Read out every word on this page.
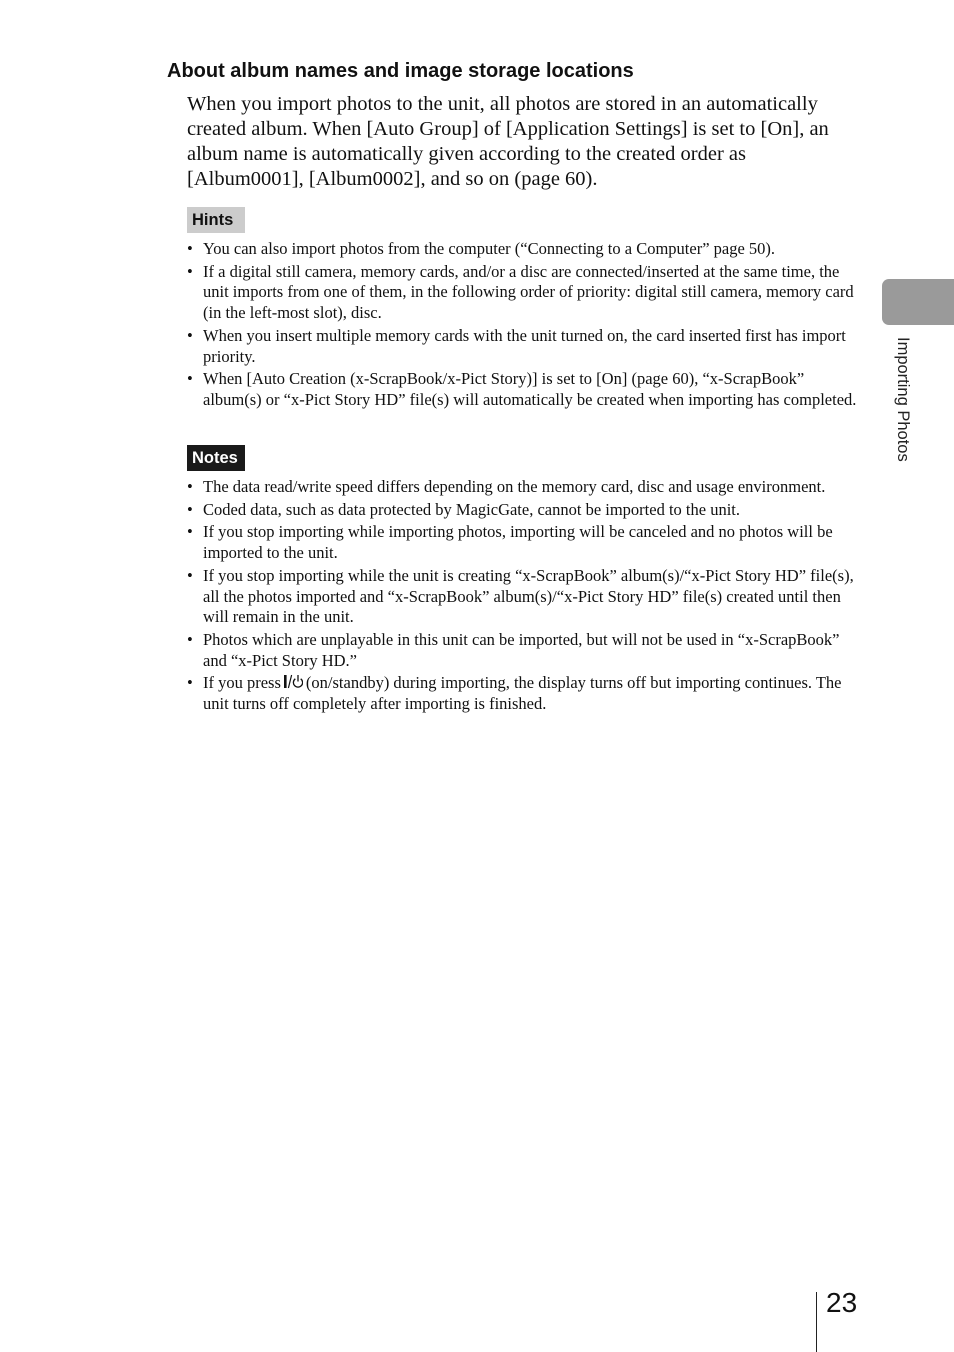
About album names and image storage locations

When you import photos to the unit, all photos are stored in an automatically created album. When [Auto Group] of [Application Settings] is set to [On], an album name is automatically given according to the created order as [Album0001], [Album0002], and so on (page 60).

Hints
• You can also import photos from the computer (“Connecting to a Computer” page 50).
• If a digital still camera, memory cards, and/or a disc are connected/inserted at the same time, the unit imports from one of them, in the following order of priority: digital still camera, memory card (in the left-most slot), disc.
• When you insert multiple memory cards with the unit turned on, the card inserted first has import priority.
• When [Auto Creation (x-ScrapBook/x-Pict Story)] is set to [On] (page 60), “x-ScrapBook” album(s) or “x-Pict Story HD” file(s) will automatically be created when importing has completed.
Notes
• The data read/write speed differs depending on the memory card, disc and usage environment.
• Coded data, such as data protected by MagicGate, cannot be imported to the unit.
• If you stop importing while importing photos, importing will be canceled and no photos will be imported to the unit.
• If you stop importing while the unit is creating “x-ScrapBook” album(s)/“x-Pict Story HD” file(s), all the photos imported and “x-ScrapBook” album(s)/“x-Pict Story HD” file(s) created until then will remain in the unit.
• Photos which are unplayable in this unit can be imported, but will not be used in “x-ScrapBook” and “x-Pict Story HD.”
• If you press (on/standby) during importing, the display turns off but importing continues. The unit turns off completely after importing is finished.
Importing Photos
23
